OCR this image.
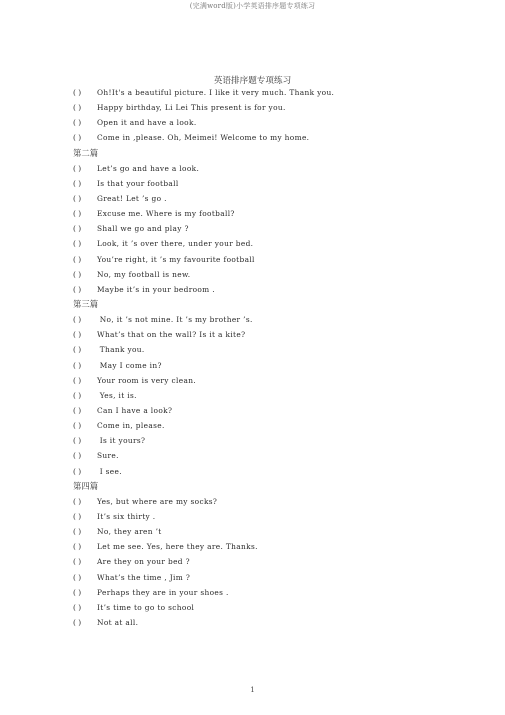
(完满word版)小学英语排序题专项练习
英语排序题专项练习
( ) Oh!It's a beautiful picture. I like it very much. Thank you.
( ) Happy birthday, Li Lei This present is for you.
( ) Open it and have a look.
( ) Come in ,please. Oh, Meimei! Welcome to my home.
第二篇
( ) Let’s go and have a look.
( ) Is that your football
( ) Great! Let ’s go .
( ) Excuse me. Where is my football?
( ) Shall we go and play ?
( ) Look, it ’s over there, under your bed.
( ) You’re right, it ’s my favourite football
( ) No, my football is new.
( ) Maybe it’s in your bedroom .
第三篇
( ) No, it ’s not mine. It ’s my brother ’s.
( ) What’s that on the wall? Is it a kite?
( ) Thank you.
( ) May I come in?
( ) Your room is very clean.
( ) Yes, it is.
( ) Can I have a look?
( ) Come in, please.
( ) Is it yours?
( ) Sure.
( ) I see.
第四篇
( ) Yes, but where are my socks?
( ) It’s six thirty .
( ) No, they aren ’t
( ) Let me see. Yes, here they are. Thanks.
( ) Are they on your bed ?
( ) What’s the time , Jim ?
( ) Perhaps they are in your shoes .
( ) It’s time to go to school
( ) Not at all.
1
